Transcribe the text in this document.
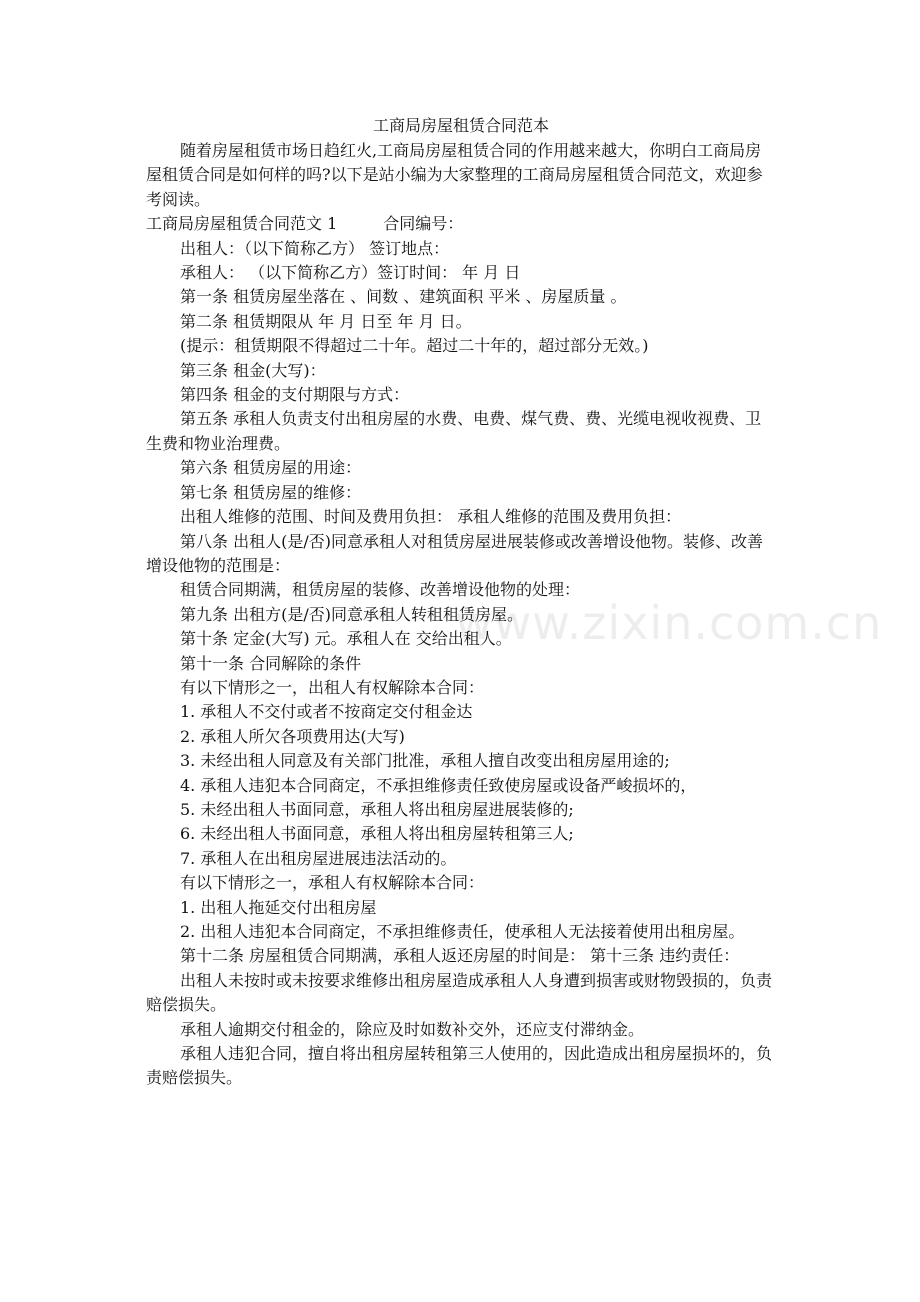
www.zixin.com.cn

工商局房屋租赁合同范本

随着房屋租赁市场日趋红火,工商局房屋租赁合同的作用越来越大，你明白工商局房屋租赁合同是如何样的吗?以下是站小编为大家整理的工商局房屋租赁合同范文，欢迎参考阅读。

工商局房屋租赁合同范文 1	合同编号：

出租人：（以下简称乙方） 签订地点：

承租人： （以下简称乙方）签订时间： 年 月 日

第一条 租赁房屋坐落在 、间数 、建筑面积 平米 、房屋质量 。

第二条 租赁期限从 年 月 日至 年 月 日。

(提示：租赁期限不得超过二十年。超过二十年的，超过部分无效。)

第三条 租金(大写)：

第四条 租金的支付期限与方式：

第五条 承租人负责支付出租房屋的水费、电费、煤气费、费、光缆电视收视费、卫生费和物业治理费。

第六条 租赁房屋的用途：

第七条 租赁房屋的维修：

出租人维修的范围、时间及费用负担： 承租人维修的范围及费用负担：

第八条 出租人(是/否)同意承租人对租赁房屋进展装修或改善增设他物。装修、改善增设他物的范围是：

租赁合同期满，租赁房屋的装修、改善增设他物的处理：

第九条 出租方(是/否)同意承租人转租租赁房屋。

第十条 定金(大写) 元。承租人在 交给出租人。

第十一条 合同解除的条件

有以下情形之一，出租人有权解除本合同：

1. 承租人不交付或者不按商定交付租金达

2. 承租人所欠各项费用达(大写)

3. 未经出租人同意及有关部门批准，承租人擅自改变出租房屋用途的;

4. 承租人违犯本合同商定，不承担维修责任致使房屋或设备严峻损坏的，

5. 未经出租人书面同意，承租人将出租房屋进展装修的;

6. 未经出租人书面同意，承租人将出租房屋转租第三人;

7. 承租人在出租房屋进展违法活动的。

有以下情形之一，承租人有权解除本合同：

1. 出租人拖延交付出租房屋

2. 出租人违犯本合同商定，不承担维修责任，使承租人无法接着使用出租房屋。

第十二条 房屋租赁合同期满，承租人返还房屋的时间是： 第十三条 违约责任：

出租人未按时或未按要求维修出租房屋造成承租人人身遭到损害或财物毁损的，负责赔偿损失。

承租人逾期交付租金的，除应及时如数补交外，还应支付滞纳金。

承租人违犯合同，擅自将出租房屋转租第三人使用的，因此造成出租房屋损坏的，负责赔偿损失。
